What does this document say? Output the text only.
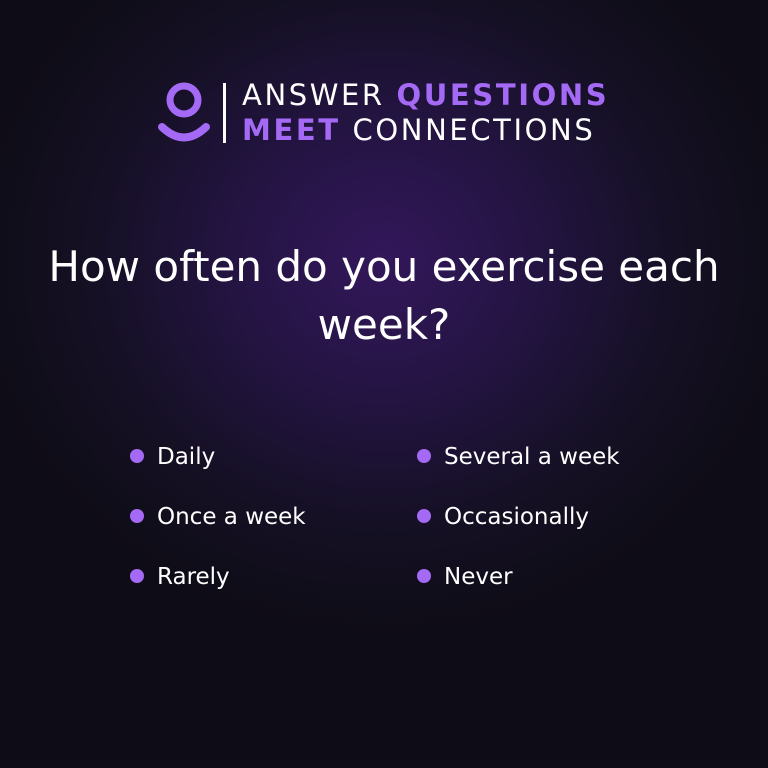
ANSWER QUESTIONS
MEET CONNECTIONS
How often do you exercise each week?
Daily	Several a week
Once a week	Occasionally
Rarely	Never
